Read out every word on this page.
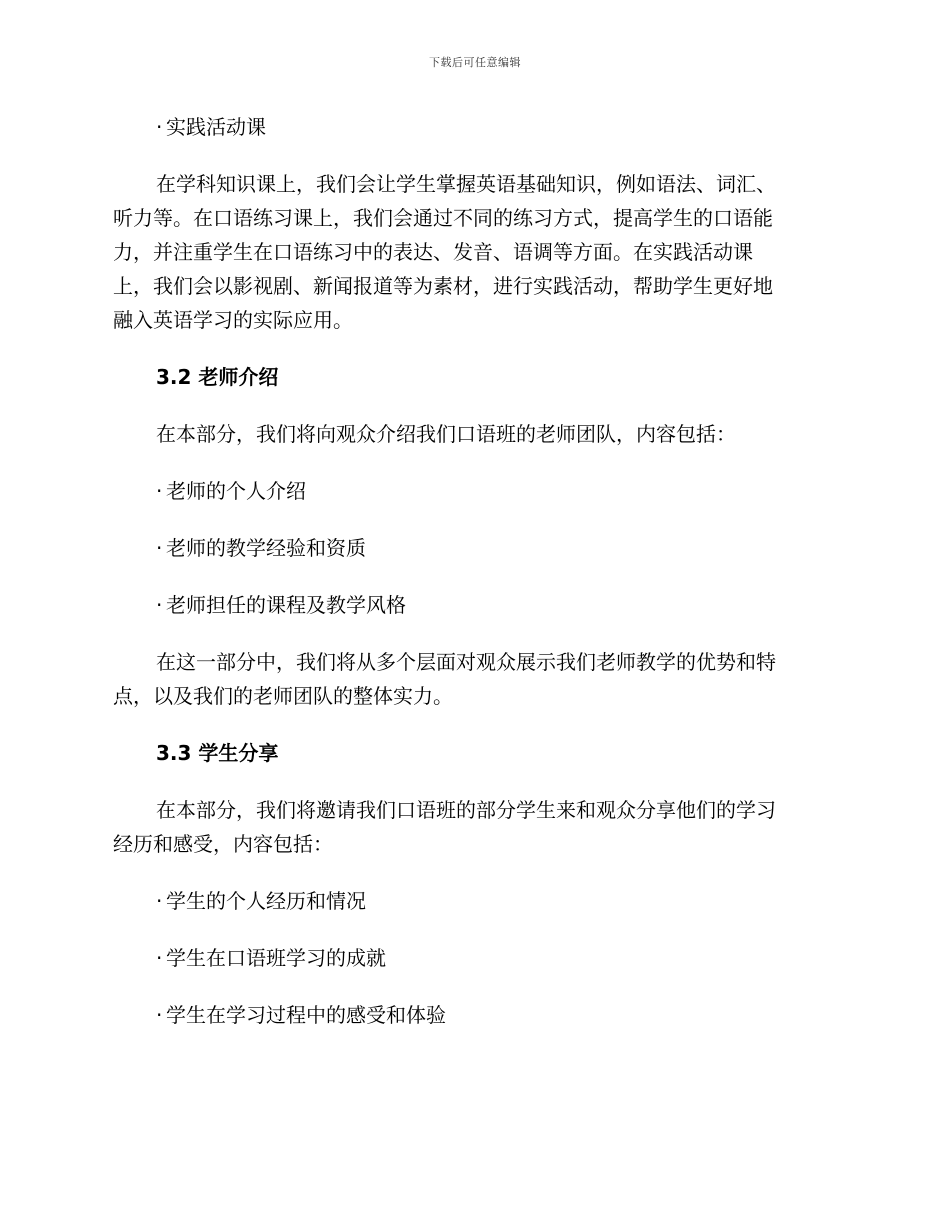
下载后可任意编辑
· 实践活动课
在学科知识课上，我们会让学生掌握英语基础知识，例如语法、词汇、
听力等。在口语练习课上，我们会通过不同的练习方式，提高学生的口语能
力，并注重学生在口语练习中的表达、发音、语调等方面。在实践活动课
上，我们会以影视剧、新闻报道等为素材，进行实践活动，帮助学生更好地
融入英语学习的实际应用。
3.2 老师介绍
在本部分，我们将向观众介绍我们口语班的老师团队，内容包括：
· 老师的个人介绍
· 老师的教学经验和资质
· 老师担任的课程及教学风格
在这一部分中，我们将从多个层面对观众展示我们老师教学的优势和特
点，以及我们的老师团队的整体实力。
3.3 学生分享
在本部分，我们将邀请我们口语班的部分学生来和观众分享他们的学习
经历和感受，内容包括：
· 学生的个人经历和情况
· 学生在口语班学习的成就
· 学生在学习过程中的感受和体验
